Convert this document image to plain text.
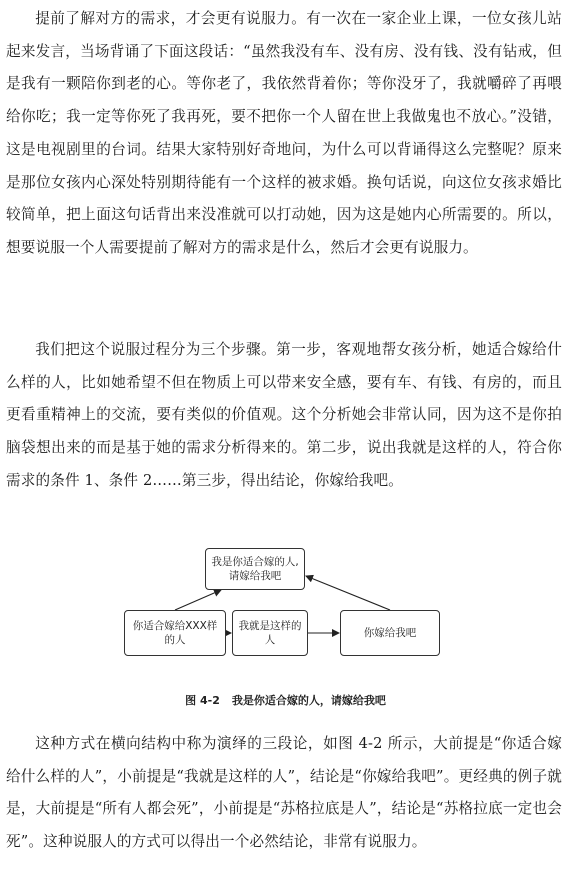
提前了解对方的需求，才会更有说服力。有一次在一家企业上课，一位女孩儿站起来发言，当场背诵了下面这段话：“虽然我没有车、没有房、没有钱、没有钻戒，但是我有一颗陪你到老的心。等你老了，我依然背着你；等你没牙了，我就嚼碎了再喂给你吃；我一定等你死了我再死，要不把你一个人留在世上我做鬼也不放心。”没错，这是电视剧里的台词。结果大家特别好奇地问，为什么可以背诵得这么完整呢？原来是那位女孩内心深处特别期待能有一个这样的被求婚。换句话说，向这位女孩求婚比较简单，把上面这句话背出来没准就可以打动她，因为这是她内心所需要的。所以，想要说服一个人需要提前了解对方的需求是什么，然后才会更有说服力。

我们把这个说服过程分为三个步骤。第一步，客观地帮女孩分析，她适合嫁给什么样的人，比如她希望不但在物质上可以带来安全感，要有车、有钱、有房的，而且更看重精神上的交流，要有类似的价值观。这个分析她会非常认同，因为这不是你拍脑袋想出来的而是基于她的需求分析得来的。第二步，说出我就是这样的人，符合你需求的条件 1、条件 2……第三步，得出结论，你嫁给我吧。

我是你适合嫁的人,请嫁给我吧
你适合嫁给XXX样的人
我就是这样的人
你嫁给我吧
图 4-2 我是你适合嫁的人，请嫁给我吧

这种方式在横向结构中称为演绎的三段论，如图 4-2 所示，大前提是“你适合嫁给什么样的人”，小前提是“我就是这样的人”，结论是“你嫁给我吧”。更经典的例子就是，大前提是“所有人都会死”，小前提是“苏格拉底是人”，结论是“苏格拉底一定也会死”。这种说服人的方式可以得出一个必然结论，非常有说服力。
